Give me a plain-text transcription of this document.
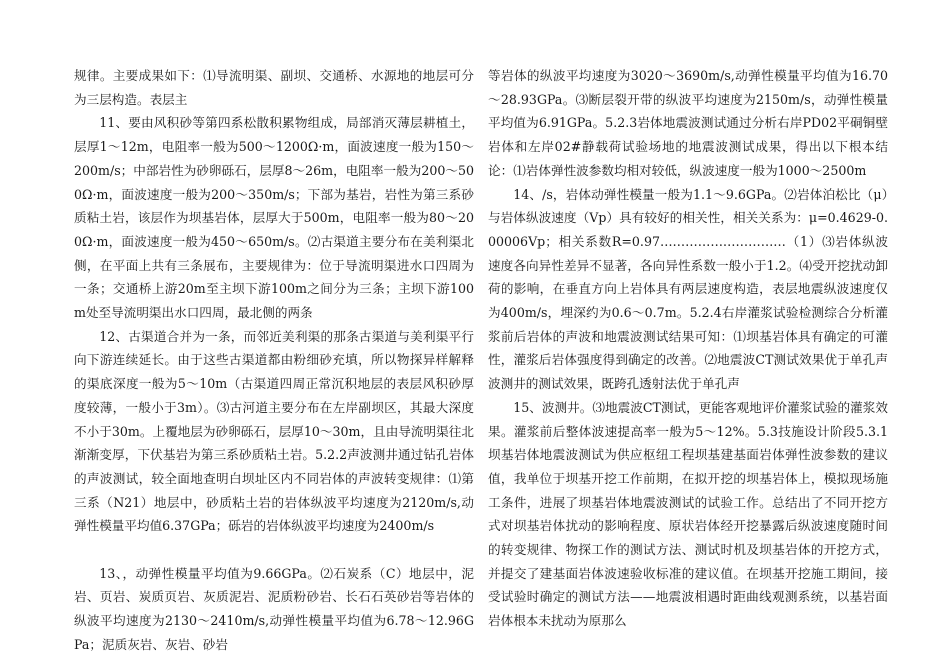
规律。主要成果如下：⑴导流明渠、副坝、交通桥、水源地的地层可分为三层构造。表层主

11、要由风积砂等第四系松散积累物组成，局部消灭薄层耕植土，层厚1～12m，电阻率一般为500～1200Ω·m，面波速度一般为150～200m/s；中部岩性为砂卵砾石，层厚8～26m，电阻率一般为200～500Ω·m，面波速度一般为200～350m/s；下部为基岩，岩性为第三系砂质粘土岩，该层作为坝基岩体，层厚大于500m，电阻率一般为80～200Ω·m，面波速度一般为450～650m/s。⑵古渠道主要分布在美利渠北侧，在平面上共有三条展布，主要规律为：位于导流明渠进水口四周为一条；交通桥上游20m至主坝下游100m之间分为三条；主坝下游100m处至导流明渠出水口四周，最北侧的两条

12、古渠道合并为一条，而邻近美利渠的那条古渠道与美利渠平行向下游连续延长。由于这些古渠道都由粉细砂充填，所以物探异样解释的渠底深度一般为5～10m（古渠道四周正常沉积地层的表层风积砂厚度较薄，一般小于3m）。⑶古河道主要分布在左岸副坝区，其最大深度不小于30m。上覆地层为砂卵砾石，层厚10～30m，且由导流明渠往北渐渐变厚，下伏基岩为第三系砂质粘土岩。5.2.2声波测井通过钻孔岩体的声波测试，较全面地查明白坝址区内不同岩体的声波转变规律：⑴第三系（N21）地层中，砂质粘土岩的岩体纵波平均速度为2120m/s,动弹性模量平均值6.37GPa；砾岩的岩体纵波平均速度为2400m/s

13、，动弹性模量平均值为9.66GPa。⑵石炭系（C）地层中，泥岩、页岩、炭质页岩、灰质泥岩、泥质粉砂岩、长石石英砂岩等岩体的纵波平均速度为2130～2410m/s,动弹性模量平均值为6.78～12.96GPa；泥质灰岩、灰岩、砂岩

等岩体的纵波平均速度为3020～3690m/s,动弹性模量平均值为16.70～28.93GPa。⑶断层裂开带的纵波平均速度为2150m/s，动弹性模量平均值为6.91GPa。5.2.3岩体地震波测试通过分析右岸PD02平硐铜壁岩体和左岸02#静载荷试验场地的地震波测试成果，得出以下根本结论：⑴岩体弹性波参数均相对较低，纵波速度一般为1000～2500m

14、/s，岩体动弹性模量一般为1.1～9.6GPa。⑵岩体泊松比（μ）与岩体纵波速度（Vp）具有较好的相关性，相关关系为：μ=0.4629-0.00006Vp；相关系数R=0.97…………………………（1）⑶岩体纵波速度各向异性差异不显著，各向异性系数一般小于1.2。⑷受开挖扰动卸荷的影响，在垂直方向上岩体具有两层速度构造，表层地震纵波速度仅为400m/s，埋深约为0.6～0.7m。5.2.4右岸灌浆试验检测综合分析灌浆前后岩体的声波和地震波测试结果可知：⑴坝基岩体具有确定的可灌性，灌浆后岩体强度得到确定的改善。⑵地震波CT测试效果优于单孔声波测井的测试效果，既跨孔透射法优于单孔声

15、波测井。⑶地震波CT测试，更能客观地评价灌浆试验的灌浆效果。灌浆前后整体波速提高率一般为5～12%。5.3技施设计阶段5.3.1坝基岩体地震波测试为供应枢纽工程坝基建基面岩体弹性波参数的建议值，我单位于坝基开挖工作前期，在拟开挖的坝基岩体上，模拟现场施工条件，进展了坝基岩体地震波测试的试验工作。总结出了不同开挖方式对坝基岩体扰动的影响程度、原状岩体经开挖暴露后纵波速度随时间的转变规律、物探工作的测试方法、测试时机及坝基岩体的开挖方式，并提交了建基面岩体波速验收标准的建议值。在坝基开挖施工期间，接受试验时确定的测试方法——地震波相遇时距曲线观测系统，以基岩面岩体根本未扰动为原那么
